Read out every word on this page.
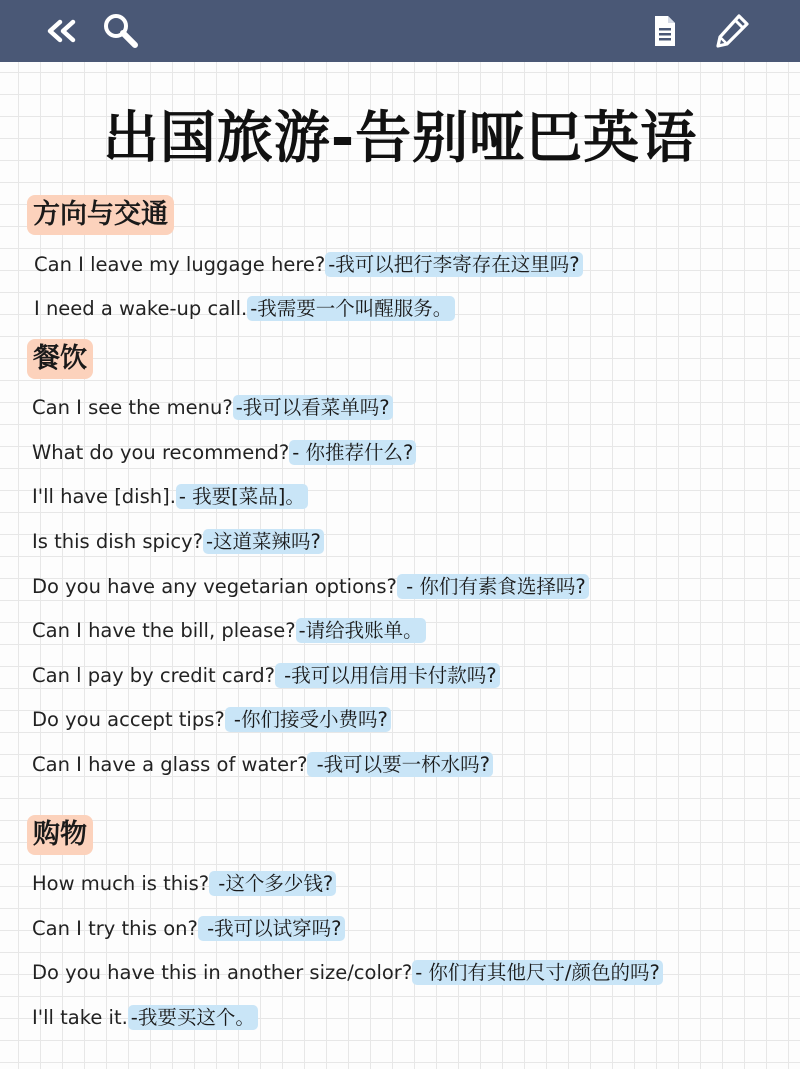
出国旅游-告别哑巴英语
方向与交通
Can I leave my luggage here? -我可以把行李寄存在这里吗?
I need a wake-up call. -我需要一个叫醒服务。
餐饮
Can I see the menu? -我可以看菜单吗?
What do you recommend? - 你推荐什么?
I'll have [dish]. - 我要[菜品]。
Is this dish spicy? -这道菜辣吗?
Do you have any vegetarian options? - 你们有素食选择吗?
Can I have the bill, please? -请给我账单。
Can l pay by credit card? -我可以用信用卡付款吗?
Do you accept tips? -你们接受小费吗?
Can I have a glass of water? -我可以要一杯水吗?
购物
How much is this? -这个多少钱?
Can I try this on? -我可以试穿吗?
Do you have this in another size/color? - 你们有其他尺寸/颜色的吗?
I'll take it. -我要买这个。
